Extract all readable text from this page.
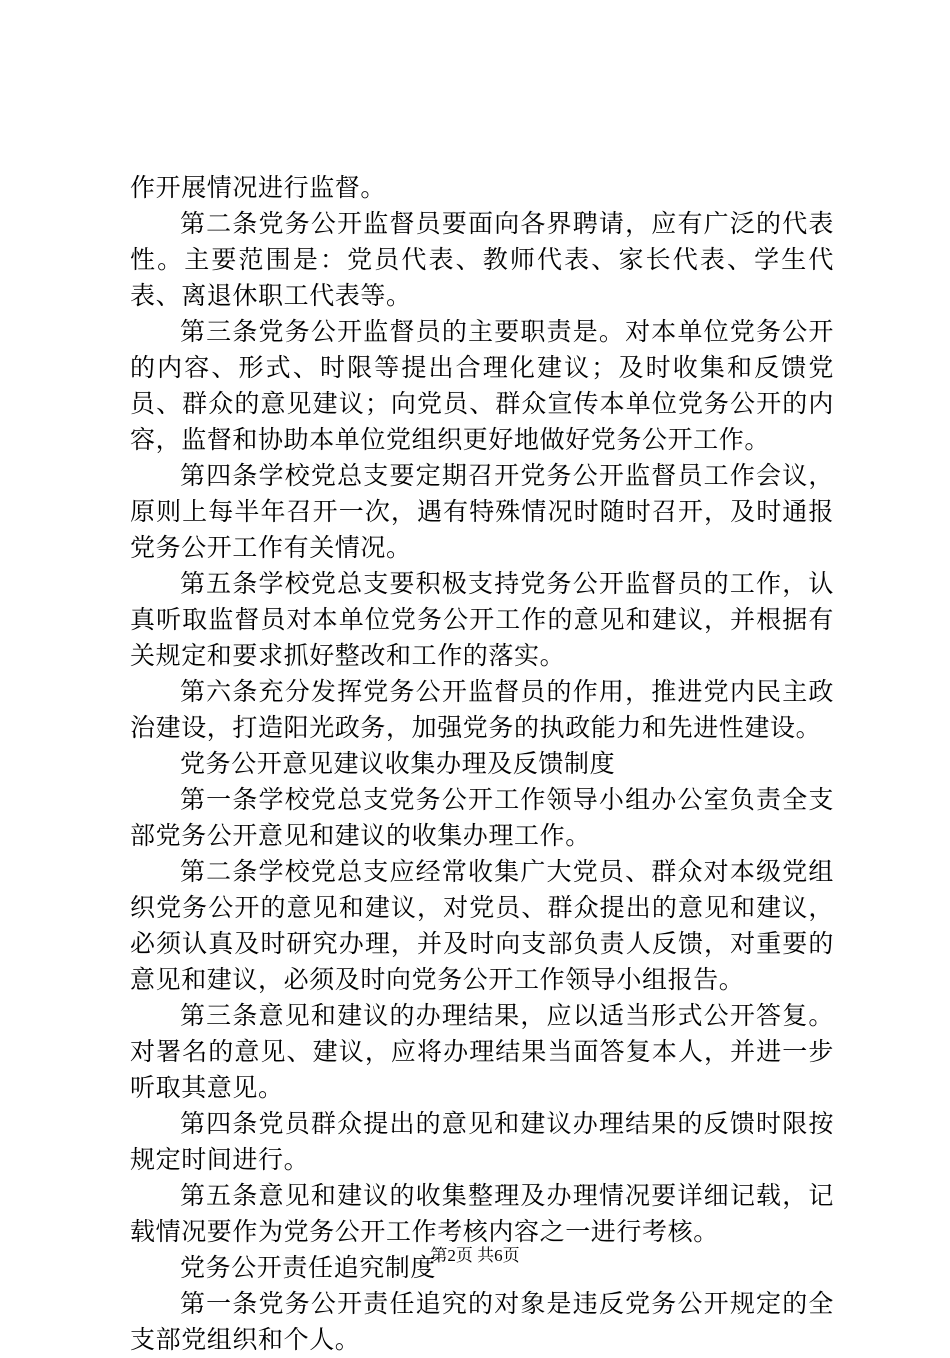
作开展情况进行监督。

第二条党务公开监督员要面向各界聘请，应有广泛的代表性。主要范围是：党员代表、教师代表、家长代表、学生代表、离退休职工代表等。

第三条党务公开监督员的主要职责是。对本单位党务公开的内容、形式、时限等提出合理化建议；及时收集和反馈党员、群众的意见建议；向党员、群众宣传本单位党务公开的内容，监督和协助本单位党组织更好地做好党务公开工作。

第四条学校党总支要定期召开党务公开监督员工作会议，原则上每半年召开一次，遇有特殊情况时随时召开，及时通报党务公开工作有关情况。

第五条学校党总支要积极支持党务公开监督员的工作，认真听取监督员对本单位党务公开工作的意见和建议，并根据有关规定和要求抓好整改和工作的落实。

第六条充分发挥党务公开监督员的作用，推进党内民主政治建设，打造阳光政务，加强党务的执政能力和先进性建设。

党务公开意见建议收集办理及反馈制度

第一条学校党总支党务公开工作领导小组办公室负责全支部党务公开意见和建议的收集办理工作。

第二条学校党总支应经常收集广大党员、群众对本级党组织党务公开的意见和建议，对党员、群众提出的意见和建议，必须认真及时研究办理，并及时向支部负责人反馈，对重要的意见和建议，必须及时向党务公开工作领导小组报告。

第三条意见和建议的办理结果，应以适当形式公开答复。对署名的意见、建议，应将办理结果当面答复本人，并进一步听取其意见。

第四条党员群众提出的意见和建议办理结果的反馈时限按规定时间进行。

第五条意见和建议的收集整理及办理情况要详细记载，记载情况要作为党务公开工作考核内容之一进行考核。

党务公开责任追究制度

第一条党务公开责任追究的对象是违反党务公开规定的全支部党组织和个人。

第2页 共6页
